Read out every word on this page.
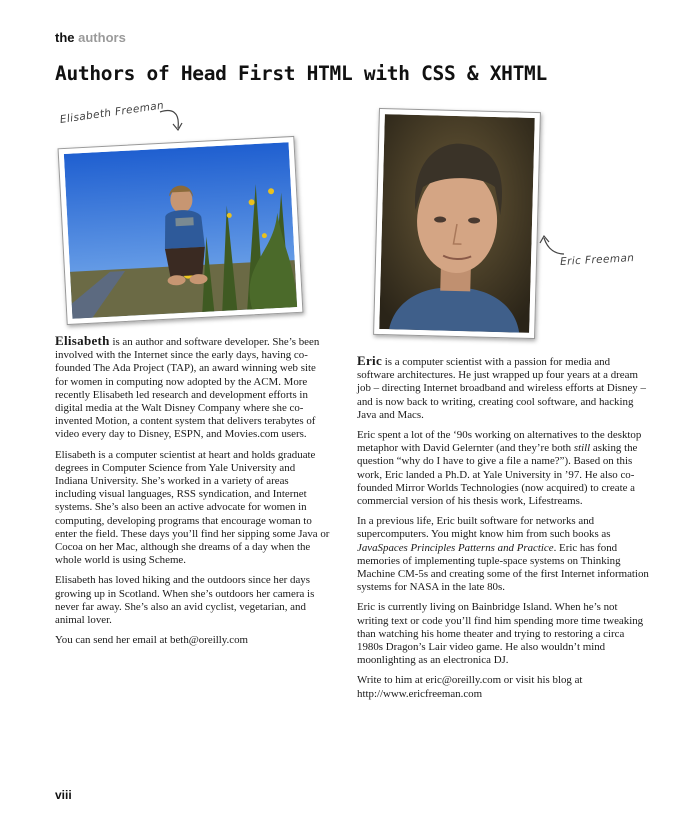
the authors
Authors of Head First HTML with CSS & XHTML
Elisabeth Freeman
Eric Freeman

Elisabeth is an author and software developer. She’s been involved with the Internet since the early days, having co-founded The Ada Project (TAP), an award winning web site for women in computing now adopted by the ACM. More recently Elisabeth led research and development efforts in digital media at the Walt Disney Company where she co-invented Motion, a content system that delivers terabytes of video every day to Disney, ESPN, and Movies.com users.

Elisabeth is a computer scientist at heart and holds graduate degrees in Computer Science from Yale University and Indiana University. She’s worked in a variety of areas including visual languages, RSS syndication, and Internet systems. She’s also been an active advocate for women in computing, developing programs that encourage woman to enter the field. These days you’ll find her sipping some Java or Cocoa on her Mac, although she dreams of a day when the whole world is using Scheme.

Elisabeth has loved hiking and the outdoors since her days growing up in Scotland. When she’s outdoors her camera is never far away. She’s also an avid cyclist, vegetarian, and animal lover.

You can send her email at beth@oreilly.com

Eric is a computer scientist with a passion for media and software architectures. He just wrapped up four years at a dream job – directing Internet broadband and wireless efforts at Disney – and is now back to writing, creating cool software, and hacking Java and Macs.

Eric spent a lot of the ‘90s working on alternatives to the desktop metaphor with David Gelernter (and they’re both still asking the question “why do I have to give a file a name?”). Based on this work, Eric landed a Ph.D. at Yale University in ’97. He also co-founded Mirror Worlds Technologies (now acquired) to create a commercial version of his thesis work, Lifestreams.

In a previous life, Eric built software for networks and supercomputers. You might know him from such books as JavaSpaces Principles Patterns and Practice. Eric has fond memories of implementing tuple-space systems on Thinking Machine CM-5s and creating some of the first Internet information systems for NASA in the late 80s.

Eric is currently living on Bainbridge Island. When he’s not writing text or code you’ll find him spending more time tweaking than watching his home theater and trying to restoring a circa 1980s Dragon’s Lair video game. He also wouldn’t mind moonlighting as an electronica DJ.

Write to him at eric@oreilly.com or visit his blog at http://www.ericfreeman.com

viii
